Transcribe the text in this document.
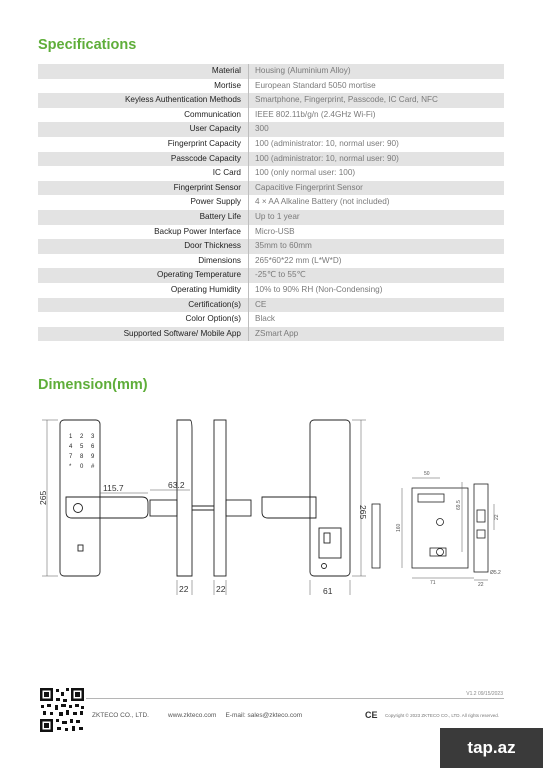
Specifications
Material	Housing (Aluminium Alloy)
Mortise	European Standard 5050 mortise
Keyless Authentication Methods	Smartphone, Fingerprint, Passcode, IC Card, NFC
Communication	IEEE 802.11b/g/n (2.4GHz Wi-Fi)
User Capacity	300
Fingerprint Capacity	100 (administrator: 10, normal user: 90)
Passcode Capacity	100 (administrator: 10, normal user: 90)
IC Card	100 (only normal user: 100)
Fingerprint Sensor	Capacitive Fingerprint Sensor
Power Supply	4 × AA Alkaline Battery (not included)
Battery Life	Up to 1 year
Backup Power Interface	Micro-USB
Door Thickness	35mm to 60mm
Dimensions	265*60*22 mm (L*W*D)
Operating Temperature	-25℃ to 55℃
Operating Humidity	10% to 90% RH (Non-Condensing)
Certification(s)	CE
Color Option(s)	Black
Supported Software/ Mobile App	ZSmart App
Dimension(mm)
1 2 3
4 5 6
7 8 9
* 0 #
265
115.7	63.2
22	22	61
265
50
71
160
69.5
22
22
Ø5.2
V1.2 09/15/2023
ZKTECO CO., LTD.	www.zkteco.com E-mail: sales@zkteco.com	CE Copyright © 2023 ZKTECO CO., LTD. All rights reserved.
tap.az
